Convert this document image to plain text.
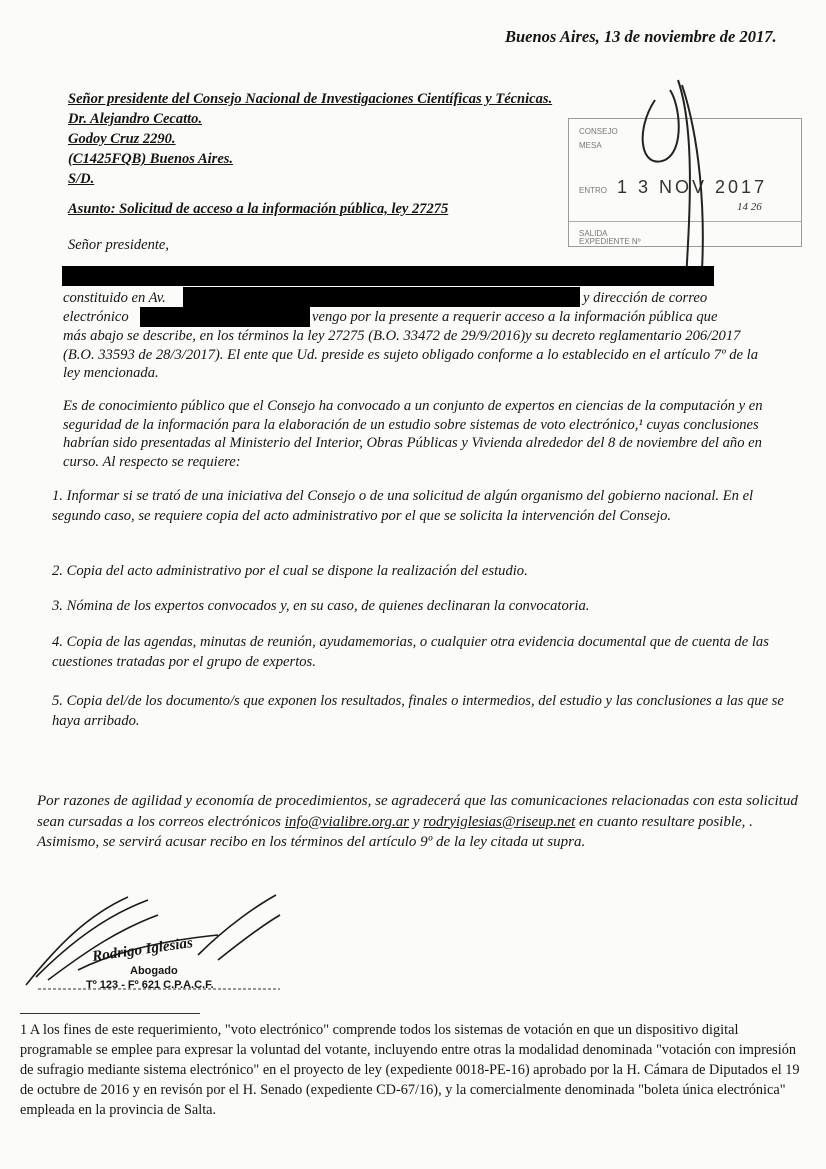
Buenos Aires, 13 de noviembre de 2017.
Señor presidente del Consejo Nacional de Investigaciones Científicas y Técnicas.
Dr. Alejandro Cecatto.
Godoy Cruz 2290.
(C1425FQB) Buenos Aires.
S/D.
Asunto: Solicitud de acceso a la información pública, ley 27275
Señor presidente,
CONSEJO
MESA
ENTRO 1 3 NOV 2017
14 26
SALIDA
EXPEDIENTE Nº
constituido en Av.	y dirección de correo
electrónico	vengo por la presente a requerir acceso a la información pública que
más abajo se describe, en los términos la ley 27275 (B.O. 33472 de 29/9/2016)y su decreto reglamentario 206/2017 (B.O. 33593 de 28/3/2017). El ente que Ud. preside es sujeto obligado conforme a lo establecido en el artículo 7º de la ley mencionada.
Es de conocimiento público que el Consejo ha convocado a un conjunto de expertos en ciencias de la computación y en seguridad de la información para la elaboración de un estudio sobre sistemas de voto electrónico,¹ cuyas conclusiones habrían sido presentadas al Ministerio del Interior, Obras Públicas y Vivienda alrededor del 8 de noviembre del año en curso. Al respecto se requiere:
1. Informar si se trató de una iniciativa del Consejo o de una solicitud de algún organismo del gobierno nacional. En el segundo caso, se requiere copia del acto administrativo por el que se solicita la intervención del Consejo.
2. Copia del acto administrativo por el cual se dispone la realización del estudio.
3. Nómina de los expertos convocados y, en su caso, de quienes declinaran la convocatoria.
4. Copia de las agendas, minutas de reunión, ayudamemorias, o cualquier otra evidencia documental que de cuenta de las cuestiones tratadas por el grupo de expertos.
5. Copia del/de los documento/s que exponen los resultados, finales o intermedios, del estudio y las conclusiones a las que se haya arribado.
Por razones de agilidad y economía de procedimientos, se agradecerá que las comunicaciones relacionadas con esta solicitud sean cursadas a los correos electrónicos info@vialibre.org.ar y rodryiglesias@riseup.net en cuanto resultare posible, . Asimismo, se servirá acusar recibo en los términos del artículo 9º de la ley citada ut supra.
Rodrigo Iglesias
Abogado
Tº 123 - Fº 621 C.P.A.C.F.
1 A los fines de este requerimiento, "voto electrónico" comprende todos los sistemas de votación en que un dispositivo digital programable se emplee para expresar la voluntad del votante, incluyendo entre otras la modalidad denominada "votación con impresión de sufragio mediante sistema electrónico" en el proyecto de ley (expediente 0018-PE-16) aprobado por la H. Cámara de Diputados el 19 de octubre de 2016 y en revisón por el H. Senado (expediente CD-67/16), y la comercialmente denominada "boleta única electrónica" empleada en la provincia de Salta.
